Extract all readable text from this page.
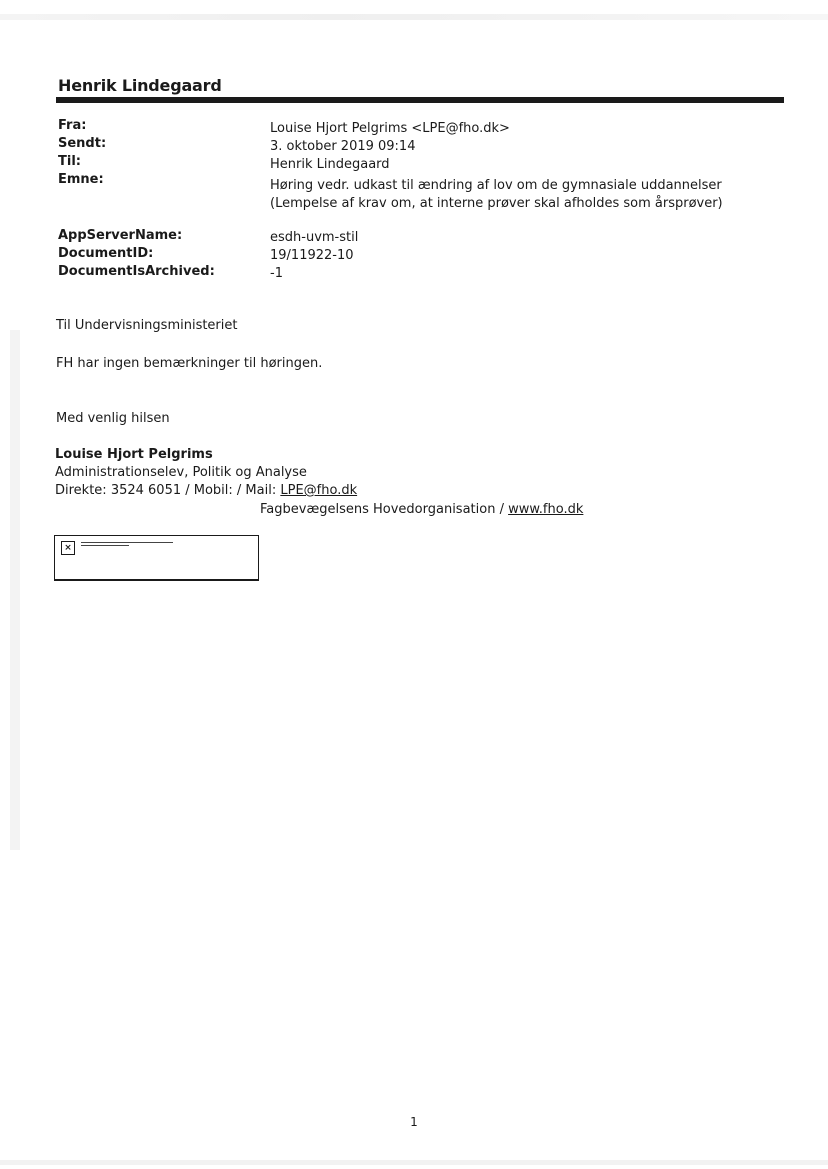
Henrik Lindegaard
Fra:	Louise Hjort Pelgrims <LPE@fho.dk>
Sendt:	3. oktober 2019 09:14
Til:	Henrik Lindegaard
Emne:	Høring vedr. udkast til ændring af lov om de gymnasiale uddannelser (Lempelse af krav om, at interne prøver skal afholdes som årsprøver)
AppServerName:	esdh-uvm-stil
DocumentID:	19/11922-10
DocumentIsArchived:	-1
Til Undervisningsministeriet
FH har ingen bemærkninger til høringen.
Med venlig hilsen
Louise Hjort Pelgrims
Administrationselev, Politik og Analyse
Direkte: 3524 6051 / Mobil: / Mail: LPE@fho.dk
Fagbevægelsens Hovedorganisation / www.fho.dk
×
1
